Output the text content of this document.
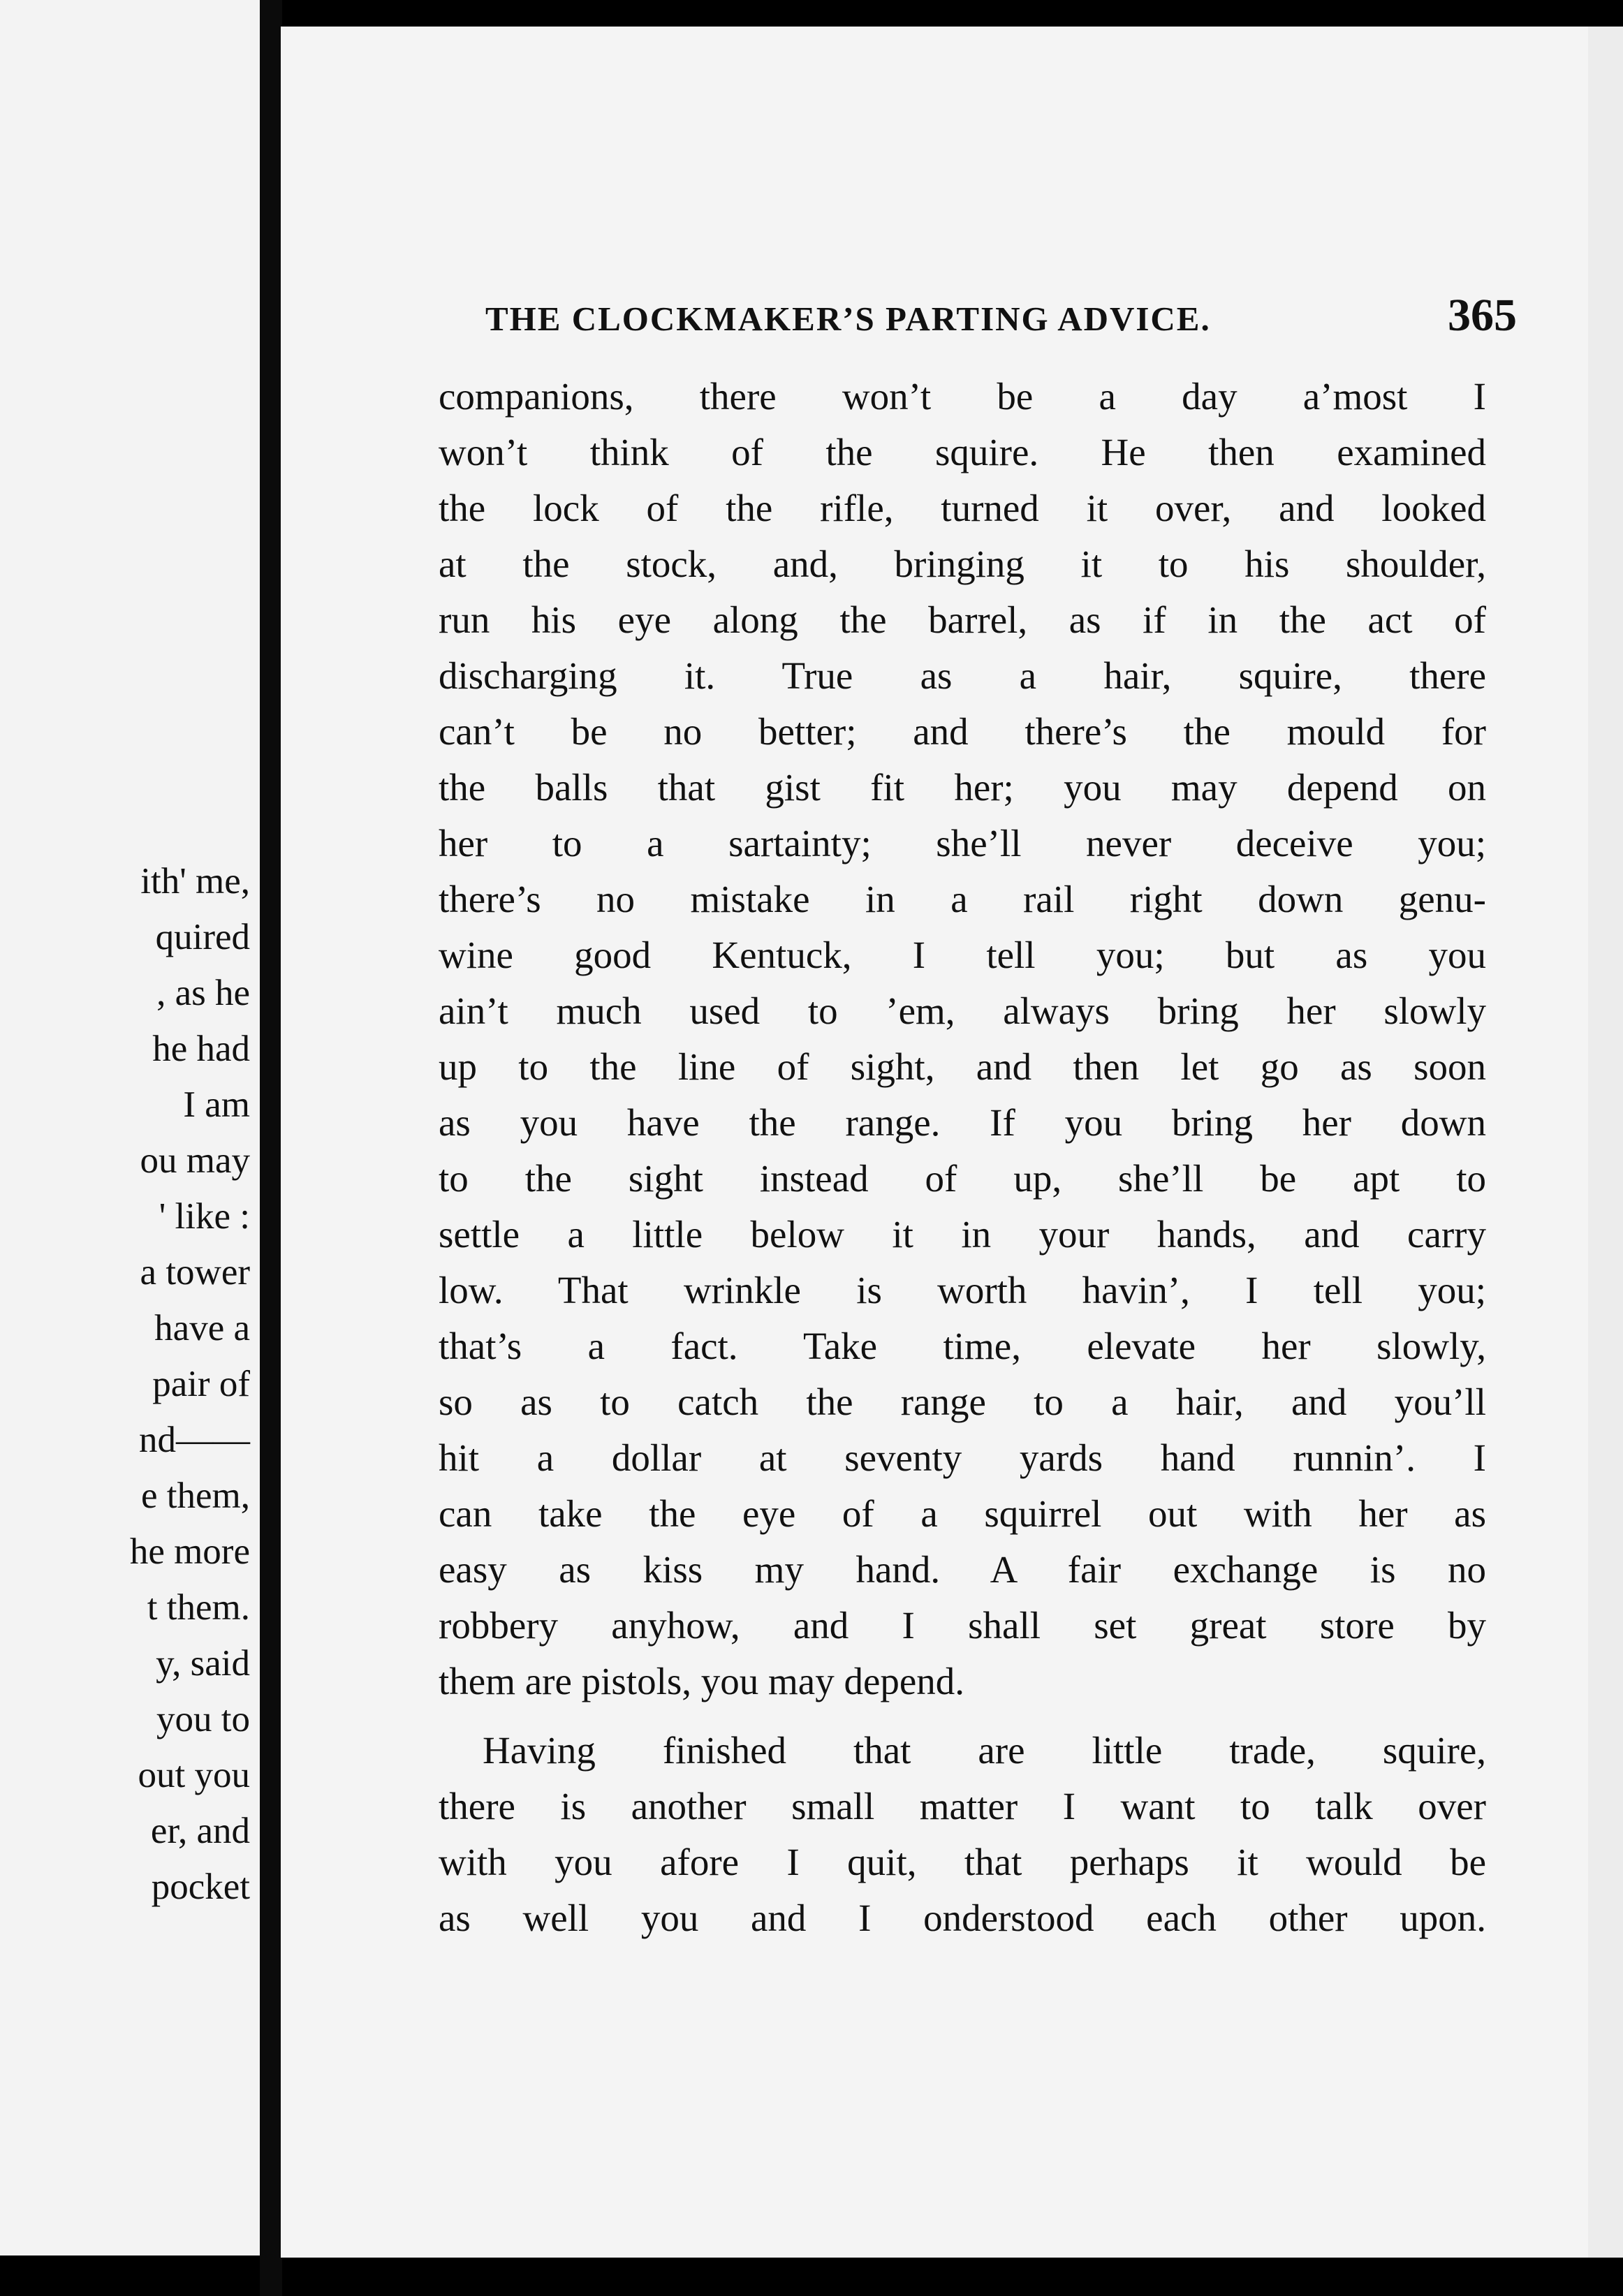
ith' me,

quired

, as he

he had

I am

ou may

' like :

a tower

have a

pair of

nd——

e them,

he more

t them.

y, said

you to

out you

er, and

pocket

THE CLOCKMAKER’S PARTING ADVICE.	365

companions, there won’t be a day a’most I

won’t think of the squire. He then examined

the lock of the rifle, turned it over, and looked

at the stock, and, bringing it to his shoulder,

run his eye along the barrel, as if in the act of

discharging it. True as a hair, squire, there

can’t be no better; and there’s the mould for

the balls that gist fit her; you may depend on

her to a sartainty; she’ll never deceive you;

there’s no mistake in a rail right down genu-

wine good Kentuck, I tell you; but as you

ain’t much used to ’em, always bring her slowly

up to the line of sight, and then let go as soon

as you have the range. If you bring her down

to the sight instead of up, she’ll be apt to

settle a little below it in your hands, and carry

low. That wrinkle is worth havin’, I tell you;

that’s a fact. Take time, elevate her slowly,

so as to catch the range to a hair, and you’ll

hit a dollar at seventy yards hand runnin’. I

can take the eye of a squirrel out with her as

easy as kiss my hand. A fair exchange is no

robbery anyhow, and I shall set great store by

them are pistols, you may depend.

Having finished that are little trade, squire,

there is another small matter I want to talk over

with you afore I quit, that perhaps it would be

as well you and I onderstood each other upon.
